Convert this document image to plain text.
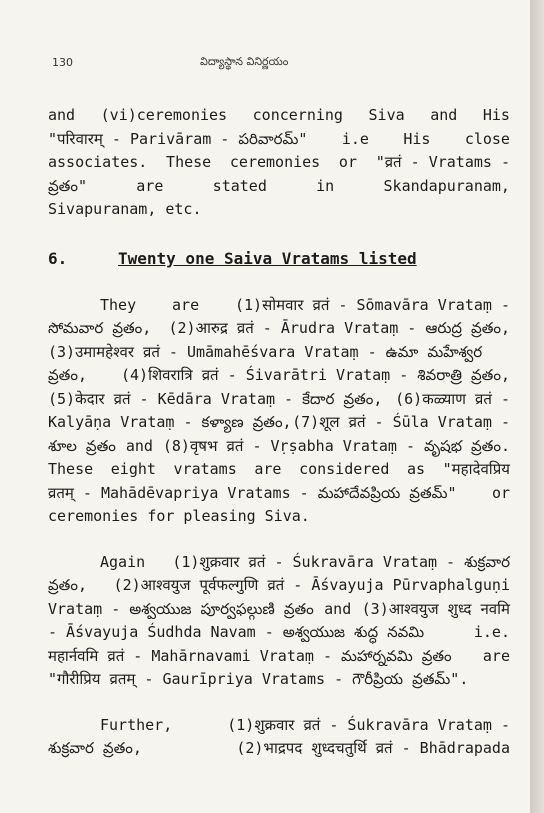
130	విద్యాస్థాన వినిర్ణయం
and (vi)ceremonies concerning Siva and His
"परिवारम् - Parivāram - పరివారమ్" i.e His close
associates. These ceremonies or "व्रतं - Vratams -
వ్రతం"	are	stated	in	Skandapuranam,
Sivapuranam, etc.
6.	Twenty one Saiva Vratams listed
They are (1)सोमवार व्रतं - Sōmavāra Vrataṃ -
సోమవార వ్రతం, (2)आरुद्र व्रतं - Ārudra Vrataṃ - ఆరుద్ర వ్రతం,
(3)उमामहेश्वर व्रतं - Umāmahēśvara Vrataṃ - ఉమా మహేశ్వర
వ్రతం, (4)शिवरात्रि व्रतं - Śivarātri Vrataṃ - శివరాత్రి వ్రతం,
(5)केदार व्रतं - Kēdāra Vrataṃ - కేదార వ్రతం, (6)कळ्याण व्रतं -
Kalyāṇa Vrataṃ - కళ్యాణ వ్రతం, (7)शूल व्रतं - Śūla Vrataṃ -
శూల వ్రతం and (8)वृषभ व्रतं - Vṛṣabha Vrataṃ - వృషభ వ్రతం.
These eight vratams are considered as "महादेवप्रिय
व्रतम् - Mahādēvapriya Vratams - మహాదేవప్రియ వ్రతమ్" or
ceremonies for pleasing Siva.
Again (1)शुक्रवार व्रतं - Śukravāra Vrataṃ - శుక్రవార
వ్రతం, (2)आश्वयुज पूर्वफल्गुणि व्रतं - Āśvayuja Pūrvaphalguṇi
Vrataṃ - అశ్వయుజ పూర్వఫల్గుణి వ్రతం and (3)आश्वयुज शुध्द नवमि
- Āśvayuja Śudhda Navam - అశ్వయుజ శుద్ధ నవమి	i.e.
महार्नवमि व्रतं - Mahārnavami Vrataṃ - మహార్నవమి వ్రతం are
"गौरीप्रिय व्रतम् - Gaurīpriya Vratams - గౌరీప్రియ వ్రతమ్".
Further,	(1)शुक्रवार व्रतं - Śukravāra Vrataṃ -
శుక్రవార వ్రతం,	(2)भाद्रपद शुध्दचतुर्थि व्रतं - Bhādrapada
